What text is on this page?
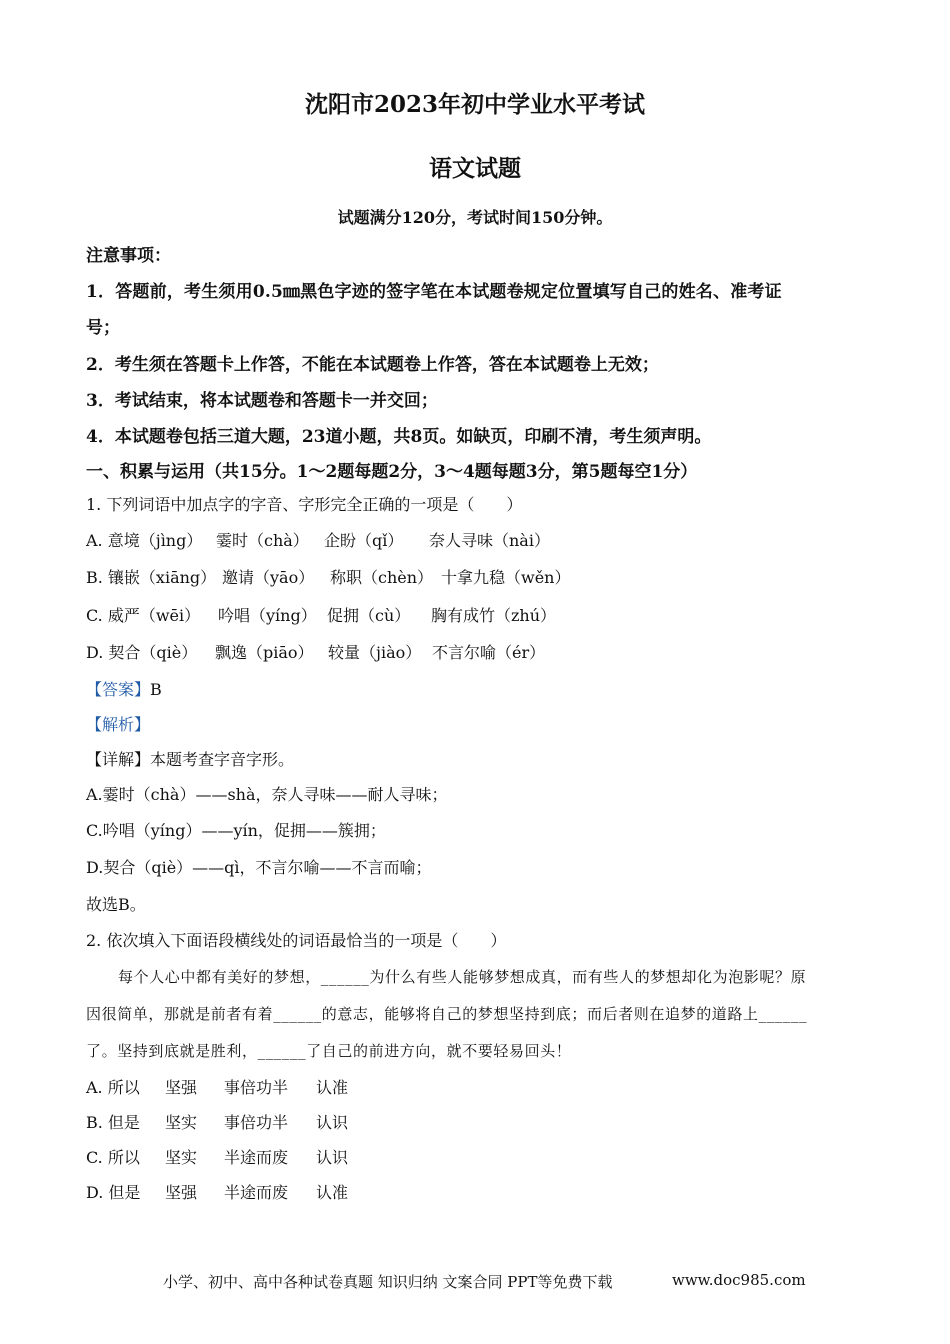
沈阳市2023年初中学业水平考试
语文试题
试题满分120分，考试时间150分钟。
注意事项：
1．答题前，考生须用0.5㎜黑色字迹的签字笔在本试题卷规定位置填写自己的姓名、准考证
号；
2．考生须在答题卡上作答，不能在本试题卷上作答，答在本试题卷上无效；
3．考试结束，将本试题卷和答题卡一并交回；
4．本试题卷包括三道大题，23道小题，共8页。如缺页，印刷不清，考生须声明。
一、积累与运用（共15分。1～2题每题2分，3～4题每题3分，第5题每空1分）
1. 下列词语中加点字的字音、字形完全正确的一项是（　　）
A. 意境（jìng） 霎时（chà） 企盼（qǐ） 奈人寻味（nài）
B. 镶嵌（xiāng） 邀请（yāo） 称职（chèn） 十拿九稳（wěn）
C. 威严（wēi） 吟唱（yíng） 促拥（cù） 胸有成竹（zhú）
D. 契合（qiè） 飘逸（piāo） 较量（jiào） 不言尔喻（ér）
【答案】B
【解析】
【详解】本题考查字音字形。
A.霎时（chà）——shà，奈人寻味——耐人寻味；
C.吟唱（yíng）——yín，促拥——簇拥；
D.契合（qiè）——qì，不言尔喻——不言而喻；
故选B。
2. 依次填入下面语段横线处的词语最恰当的一项是（　　）
每个人心中都有美好的梦想，______为什么有些人能够梦想成真，而有些人的梦想却化为泡影呢？原
因很简单，那就是前者有着______的意志，能够将自己的梦想坚持到底；而后者则在追梦的道路上______
了。坚持到底就是胜利，______了自己的前进方向，就不要轻易回头！
A. 所以 坚强 事倍功半 认准
B. 但是 坚实 事倍功半 认识
C. 所以 坚实 半途而废 认识
D. 但是 坚强 半途而废 认准
小学、初中、高中各种试卷真题 知识归纳 文案合同 PPT等免费下载	www.doc985.com
